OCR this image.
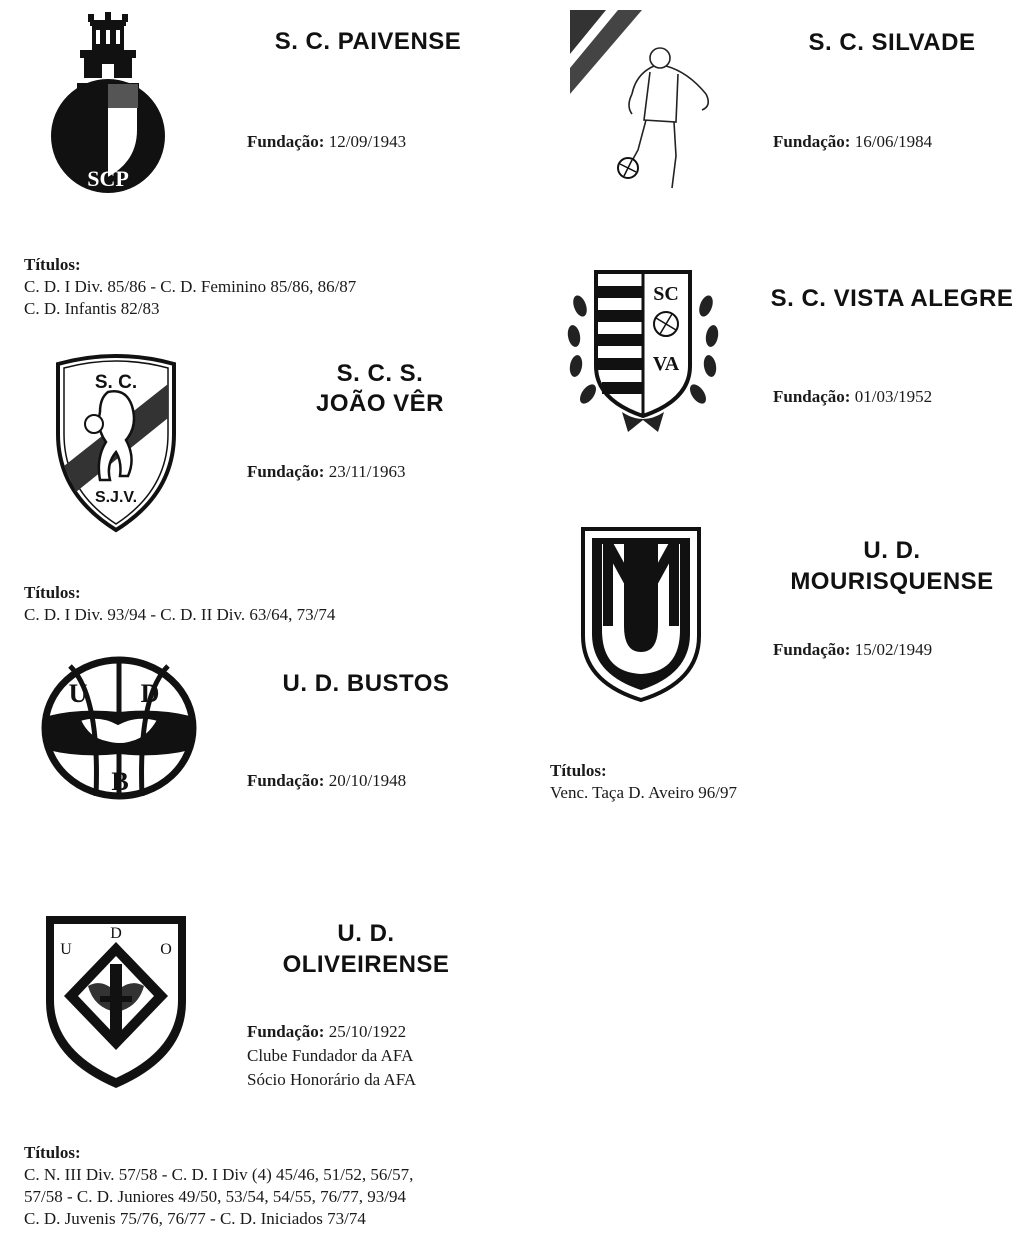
SCP
S. C. PAIVENSE
Fundação: 12/09/1943
Títulos:
C. D. I Div. 85/86 - C. D. Feminino 85/86, 86/87
C. D. Infantis 82/83
S. C.
S.J.V.
S. C. S.
JOÃO VÊR
Fundação: 23/11/1963
Títulos:
C. D. I Div. 93/94 - C. D. II Div. 63/64, 73/74
U D
B
U. D. BUSTOS
Fundação: 20/10/1948
U
D
O
U. D.
OLIVEIRENSE
Fundação: 25/10/1922
Clube Fundador da AFA
Sócio Honorário da AFA
Títulos:
C. N. III Div. 57/58 - C. D. I Div (4) 45/46, 51/52, 56/57,
57/58 - C. D. Juniores 49/50, 53/54, 54/55, 76/77, 93/94
C. D. Juvenis 75/76, 76/77 - C. D. Iniciados 73/74
S. C. SILVADE
Fundação: 16/06/1984
SC
VA
S. C. VISTA ALEGRE
Fundação: 01/03/1952
U. D.
MOURISQUENSE
Fundação: 15/02/1949
Títulos:
Venc. Taça D. Aveiro 96/97
